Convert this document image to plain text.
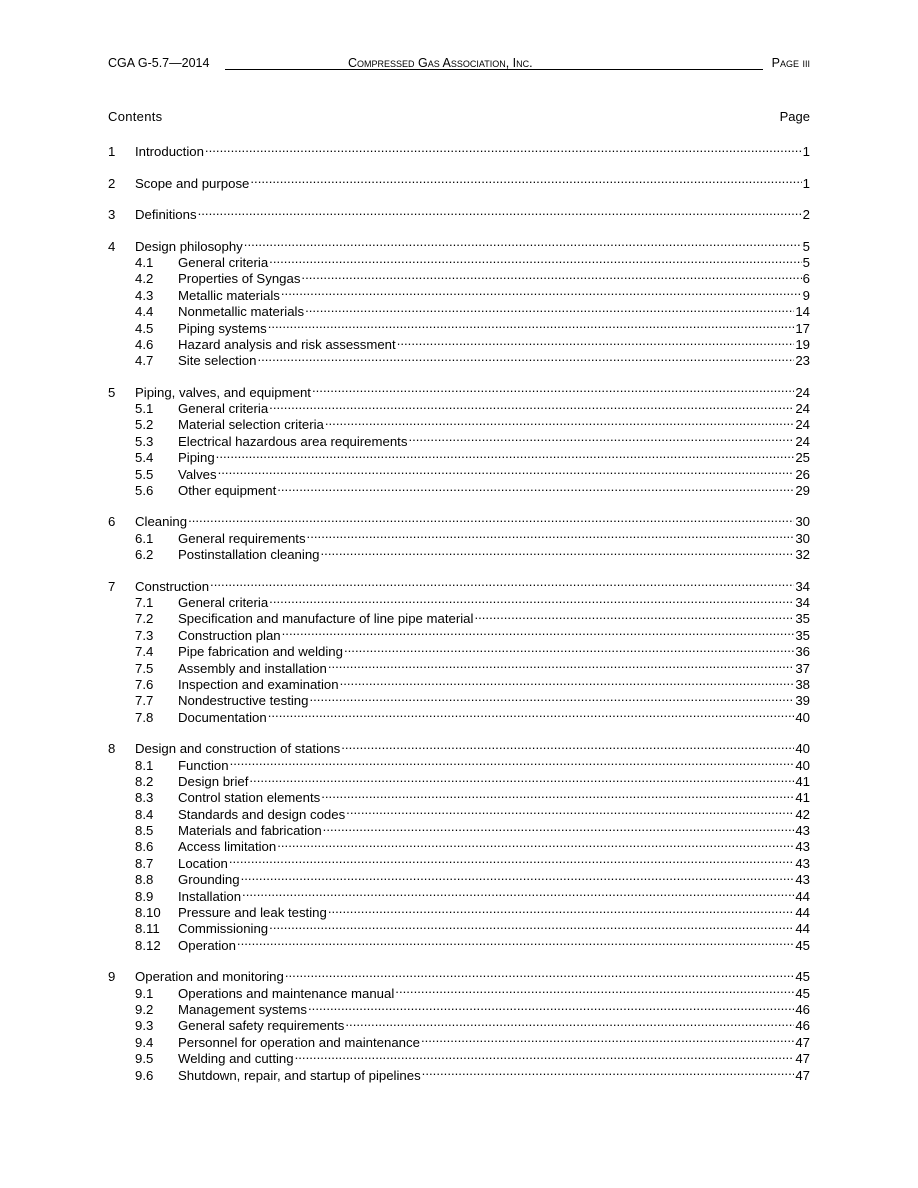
CGA G-5.7—2014	Compressed Gas Association, Inc.	Page iii
Contents	Page
1	Introduction .....	1
2	Scope and purpose .....	1
3	Definitions .....	2
4	Design philosophy .....	5
4.1	General criteria .....	5
4.2	Properties of Syngas .....	6
4.3	Metallic materials .....	9
4.4	Nonmetallic materials .....	14
4.5	Piping systems .....	17
4.6	Hazard analysis and risk assessment .....	19
4.7	Site selection .....	23
5	Piping, valves, and equipment .....	24
5.1	General criteria .....	24
5.2	Material selection criteria .....	24
5.3	Electrical hazardous area requirements .....	24
5.4	Piping .....	25
5.5	Valves .....	26
5.6	Other equipment .....	29
6	Cleaning .....	30
6.1	General requirements .....	30
6.2	Postinstallation cleaning .....	32
7	Construction .....	34
7.1	General criteria .....	34
7.2	Specification and manufacture of line pipe material .....	35
7.3	Construction plan .....	35
7.4	Pipe fabrication and welding .....	36
7.5	Assembly and installation .....	37
7.6	Inspection and examination .....	38
7.7	Nondestructive testing .....	39
7.8	Documentation .....	40
8	Design and construction of stations .....	40
8.1	Function .....	40
8.2	Design brief .....	41
8.3	Control station elements .....	41
8.4	Standards and design codes .....	42
8.5	Materials and fabrication .....	43
8.6	Access limitation .....	43
8.7	Location .....	43
8.8	Grounding .....	43
8.9	Installation .....	44
8.10	Pressure and leak testing .....	44
8.11	Commissioning .....	44
8.12	Operation .....	45
9	Operation and monitoring .....	45
9.1	Operations and maintenance manual .....	45
9.2	Management systems .....	46
9.3	General safety requirements .....	46
9.4	Personnel for operation and maintenance .....	47
9.5	Welding and cutting .....	47
9.6	Shutdown, repair, and startup of pipelines .....	47
